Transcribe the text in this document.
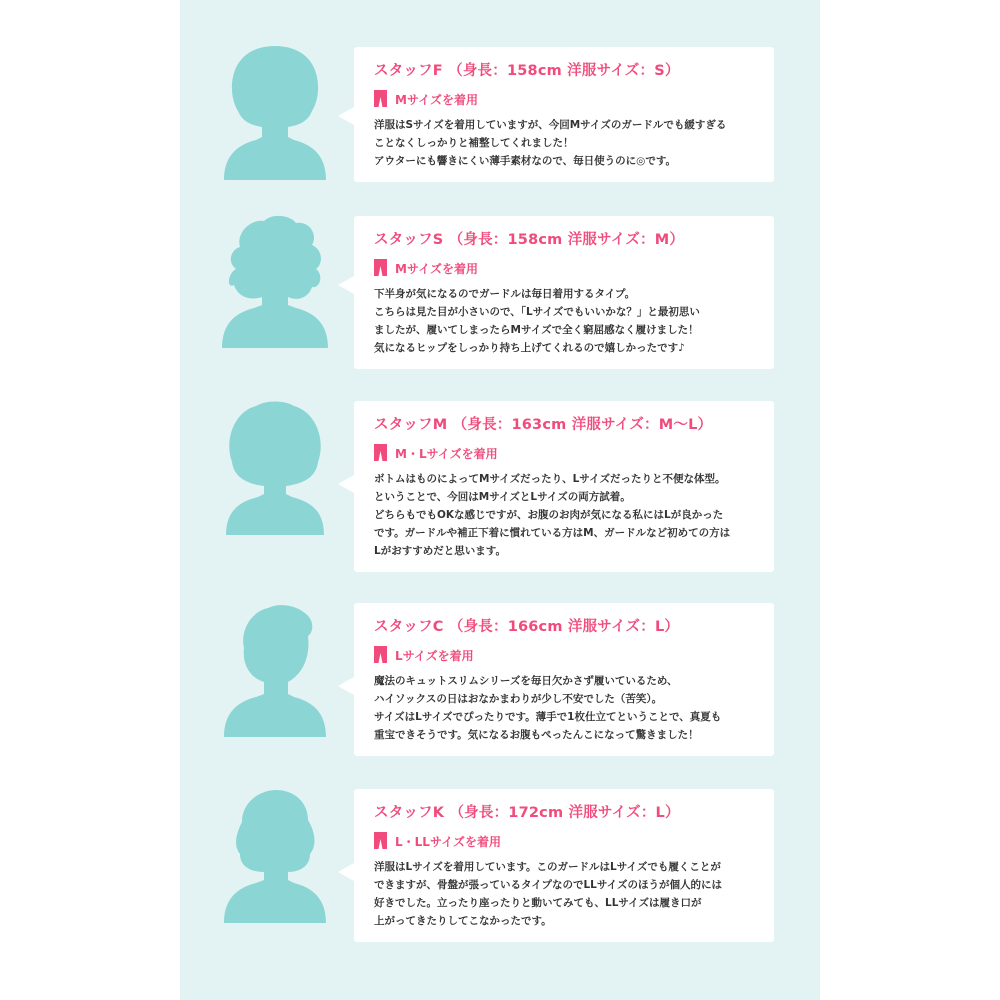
スタッフF （身長：158cm 洋服サイズ：S）
Mサイズを着用
洋服はSサイズを着用していますが、今回Mサイズのガードルでも緩すぎる
ことなくしっかりと補整してくれました！
アウターにも響きにくい薄手素材なので、毎日使うのに◎です。
スタッフS （身長：158cm 洋服サイズ：M）
Mサイズを着用
下半身が気になるのでガードルは毎日着用するタイプ。
こちらは見た目が小さいので、「Lサイズでもいいかな？」と最初思い
ましたが、履いてしまったらMサイズで全く窮屈感なく履けました！
気になるヒップをしっかり持ち上げてくれるので嬉しかったです♪
スタッフM （身長：163cm 洋服サイズ：M〜L）
M・Lサイズを着用
ボトムはものによってMサイズだったり、Lサイズだったりと不便な体型。
ということで、今回はMサイズとLサイズの両方試着。
どちらもでもOKな感じですが、お腹のお肉が気になる私にはLが良かった
です。ガードルや補正下着に慣れている方はM、ガードルなど初めての方は
Lがおすすめだと思います。
スタッフC （身長：166cm 洋服サイズ：L）
Lサイズを着用
魔法のキュットスリムシリーズを毎日欠かさず履いているため、
ハイソックスの日はおなかまわりが少し不安でした（苦笑）。
サイズはLサイズでぴったりです。薄手で1枚仕立てということで、真夏も
重宝できそうです。気になるお腹もぺったんこになって驚きました！
スタッフK （身長：172cm 洋服サイズ：L）
L・LLサイズを着用
洋服はLサイズを着用しています。このガードルはLサイズでも履くことが
できますが、骨盤が張っているタイプなのでLLサイズのほうが個人的には
好きでした。立ったり座ったりと動いてみても、LLサイズは履き口が
上がってきたりしてこなかったです。
